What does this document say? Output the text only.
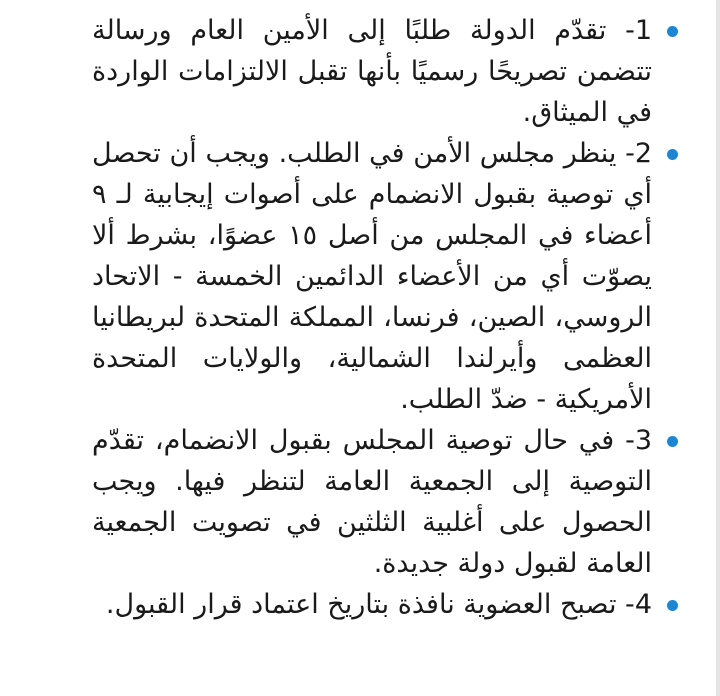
1- تقدّم الدولة طلبًا إلى الأمين العام ورسالة تتضمن تصريحًا رسميًا بأنها تقبل الالتزامات الواردة في الميثاق.
2- ينظر مجلس الأمن في الطلب. ويجب أن تحصل أي توصية بقبول الانضمام على أصوات إيجابية لـ ٩ أعضاء في المجلس من أصل ١٥ عضوًا، بشرط ألا يصوّت أي من الأعضاء الدائمين الخمسة - الاتحاد الروسي، الصين، فرنسا، المملكة المتحدة لبريطانيا العظمى وأيرلندا الشمالية، والولايات المتحدة الأمريكية - ضدّ الطلب.
3- في حال توصية المجلس بقبول الانضمام، تقدّم التوصية إلى الجمعية العامة لتنظر فيها. ويجب الحصول على أغلبية الثلثين في تصويت الجمعية العامة لقبول دولة جديدة.
4- تصبح العضوية نافذة بتاريخ اعتماد قرار القبول.
